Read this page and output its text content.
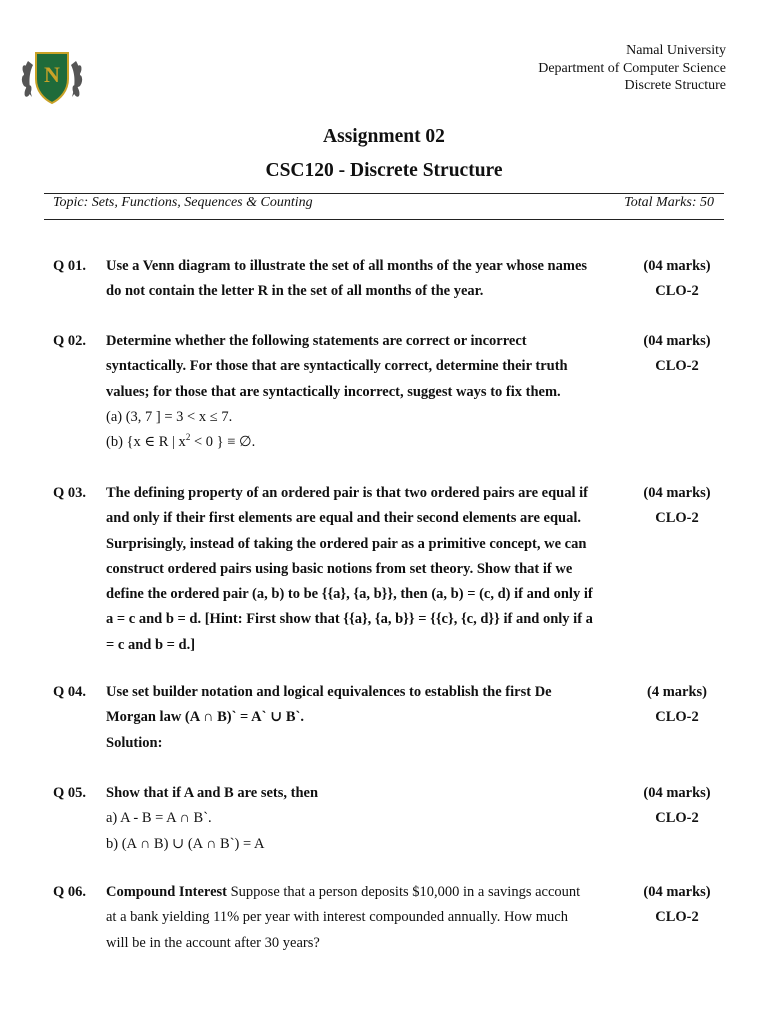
N
Namal University
Department of Computer Science
Discrete Structure
Assignment 02
CSC120 - Discrete Structure
Topic: Sets, Functions, Sequences & Counting	Total Marks: 50
Q 01. Use a Venn diagram to illustrate the set of all months of the year whose names
do not contain the letter R in the set of all months of the year.
(04 marks)
CLO-2
Q 02. Determine whether the following statements are correct or incorrect
syntactically. For those that are syntactically correct, determine their truth
values; for those that are syntactically incorrect, suggest ways to fix them.
(a) (3, 7 ] = 3 < x ≤ 7.
(b) {x ∈ R | $x^2 < 0$ } ≡ ∅.
(04 marks)
CLO-2
Q 03. The defining property of an ordered pair is that two ordered pairs are equal if
and only if their first elements are equal and their second elements are equal.
Surprisingly, instead of taking the ordered pair as a primitive concept, we can
construct ordered pairs using basic notions from set theory. Show that if we
define the ordered pair (a, b) to be {{a}, {a, b}}, then (a, b) = (c, d) if and only if
a = c and b = d. [Hint: First show that {{a}, {a, b}} = {{c}, {c, d}} if and only if a
= c and b = d.]
(04 marks)
CLO-2
Q 04. Use set builder notation and logical equivalences to establish the first De
Morgan law (A ∩ B)` = A` ∪ B`.
Solution:
(4 marks)
CLO-2
Q 05. Show that if A and B are sets, then
a) A - B = A ∩ B`.
b) (A ∩ B) ∪ (A ∩ B`) = A
(04 marks)
CLO-2
Q 06. Compound Interest Suppose that a person deposits $10,000 in a savings account
at a bank yielding 11% per year with interest compounded annually. How much
will be in the account after 30 years?
(04 marks)
CLO-2
